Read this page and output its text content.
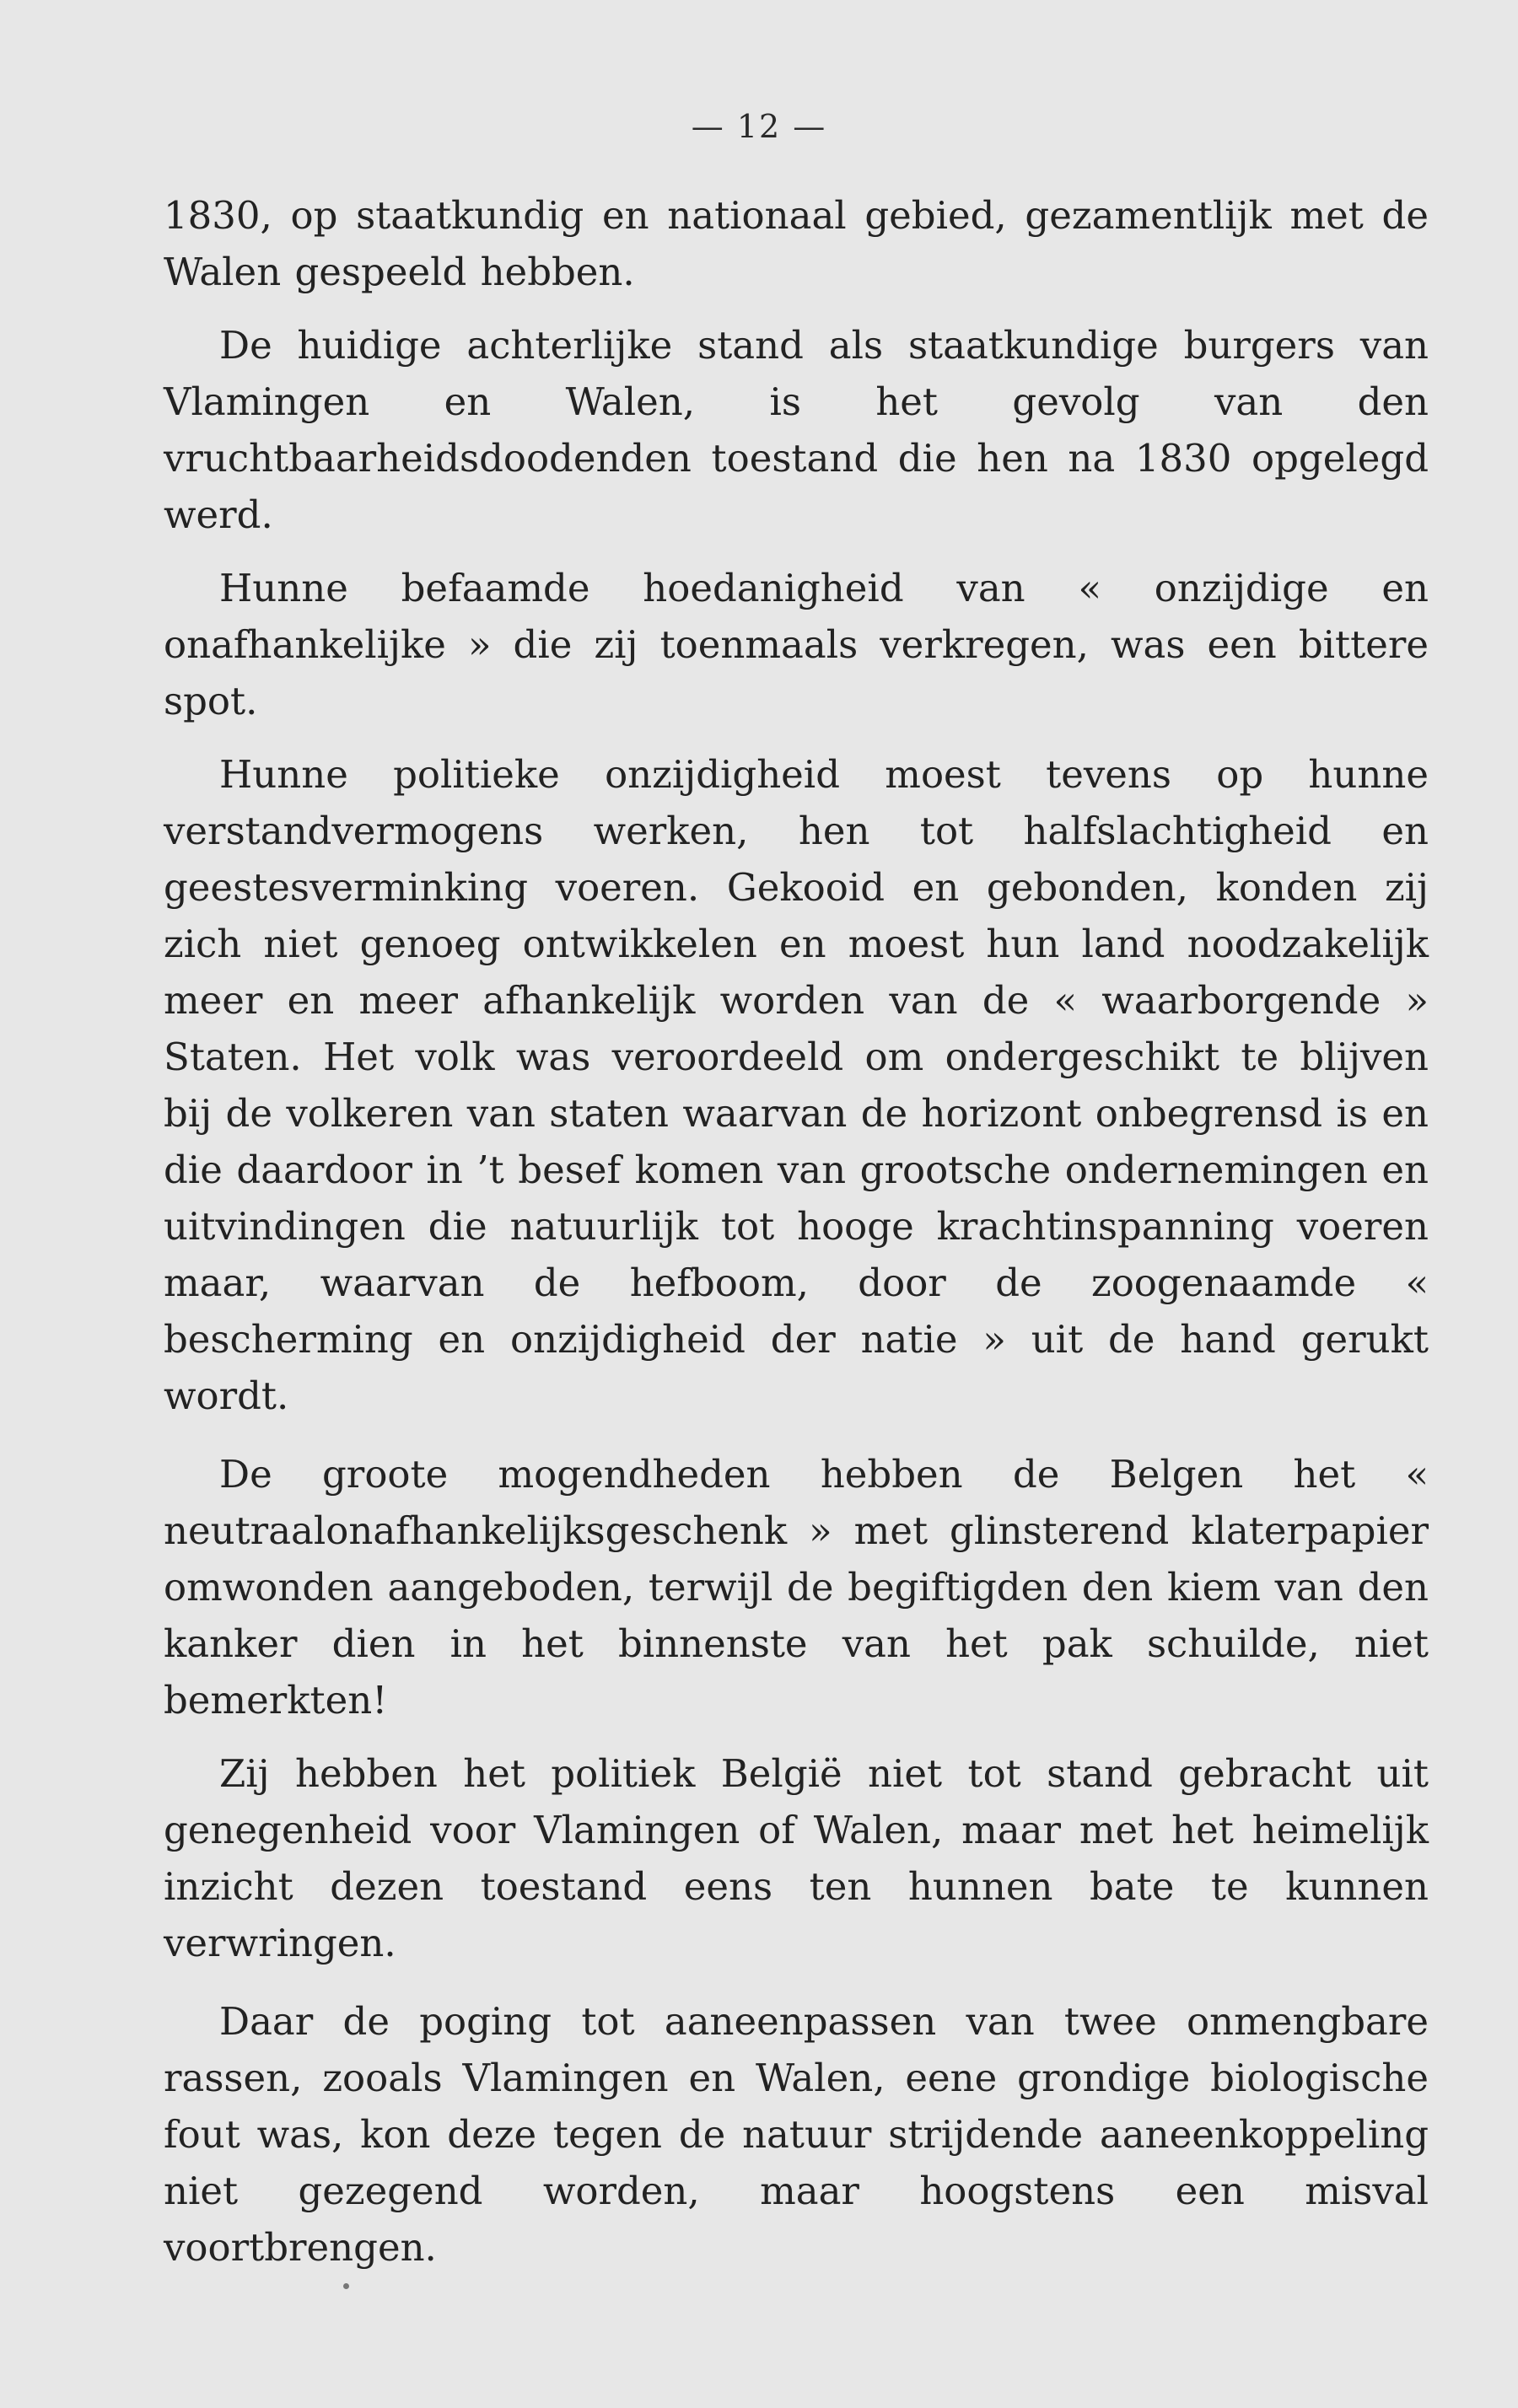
— 12 —

1830, op staatkundig en nationaal gebied, gezamentlijk met de Walen gespeeld hebben.

De huidige achterlijke stand als staatkundige burgers van Vlamingen en Walen, is het gevolg van den vruchtbaarheidsdoodenden toestand die hen na 1830 opgelegd werd.

Hunne befaamde hoedanigheid van « onzijdige en onafhankelijke » die zij toenmaals verkregen, was een bittere spot.

Hunne politieke onzijdigheid moest tevens op hunne verstandvermogens werken, hen tot halfslachtigheid en geestesverminking voeren. Gekooid en gebonden, konden zij zich niet genoeg ontwikkelen en moest hun land noodzakelijk meer en meer afhankelijk worden van de « waarborgende » Staten. Het volk was veroordeeld om ondergeschikt te blijven bij de volkeren van staten waarvan de horizont onbegrensd is en die daardoor in ’t besef komen van grootsche ondernemingen en uitvindingen die natuurlijk tot hooge krachtinspanning voeren maar, waarvan de hefboom, door de zoogenaamde « bescherming en onzijdigheid der natie » uit de hand gerukt wordt.

De groote mogendheden hebben de Belgen het « neutraalonafhankelijksgeschenk » met glinsterend klaterpapier omwonden aangeboden, terwijl de begiftigden den kiem van den kanker dien in het binnenste van het pak schuilde, niet bemerkten!

Zij hebben het politiek België niet tot stand gebracht uit genegenheid voor Vlamingen of Walen, maar met het heimelijk inzicht dezen toestand eens ten hunnen bate te kunnen verwringen.

Daar de poging tot aaneenpassen van twee onmengbare rassen, zooals Vlamingen en Walen, eene grondige biologische fout was, kon deze tegen de natuur strijdende aaneenkoppeling niet gezegend worden, maar hoogstens een misval voortbrengen.
